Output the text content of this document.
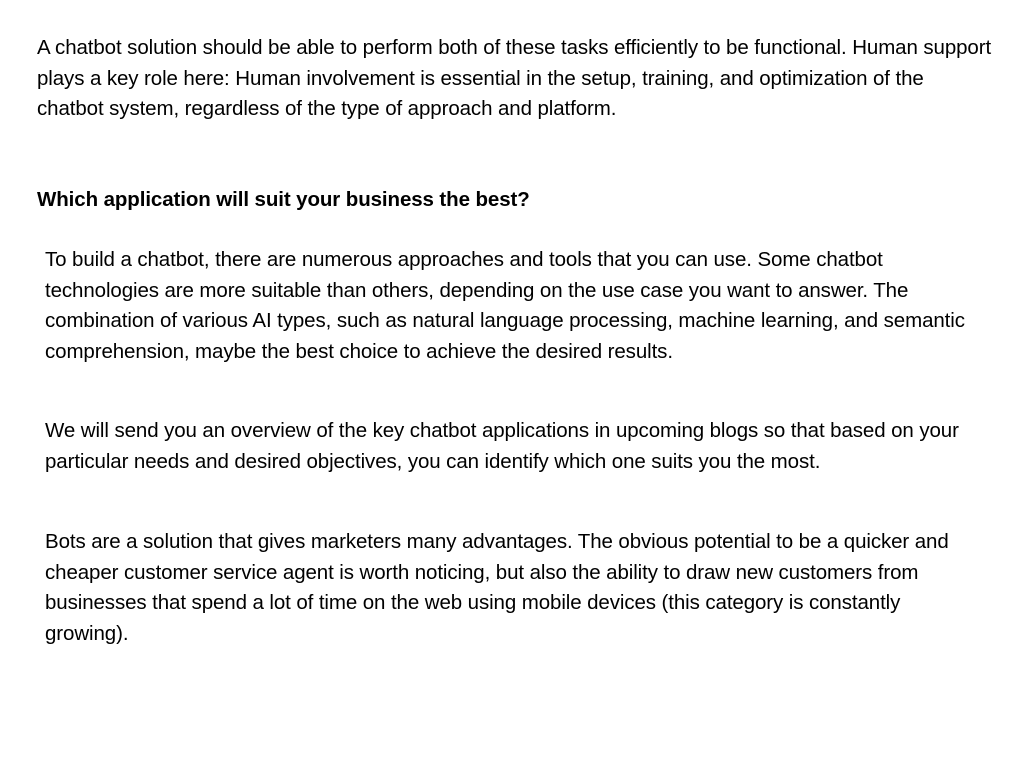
A chatbot solution should be able to perform both of these tasks efficiently to be functional. Human support plays a key role here: Human involvement is essential in the setup, training, and optimization of the chatbot system, regardless of the type of approach and platform.

Which application will suit your business the best?

To build a chatbot, there are numerous approaches and tools that you can use. Some chatbot technologies are more suitable than others, depending on the use case you want to answer. The combination of various AI types, such as natural language processing, machine learning, and semantic comprehension, maybe the best choice to achieve the desired results.

We will send you an overview of the key chatbot applications in upcoming blogs so that based on your particular needs and desired objectives, you can identify which one suits you the most.

Bots are a solution that gives marketers many advantages. The obvious potential to be a quicker and cheaper customer service agent is worth noticing, but also the ability to draw new customers from businesses that spend a lot of time on the web using mobile devices (this category is constantly growing).
